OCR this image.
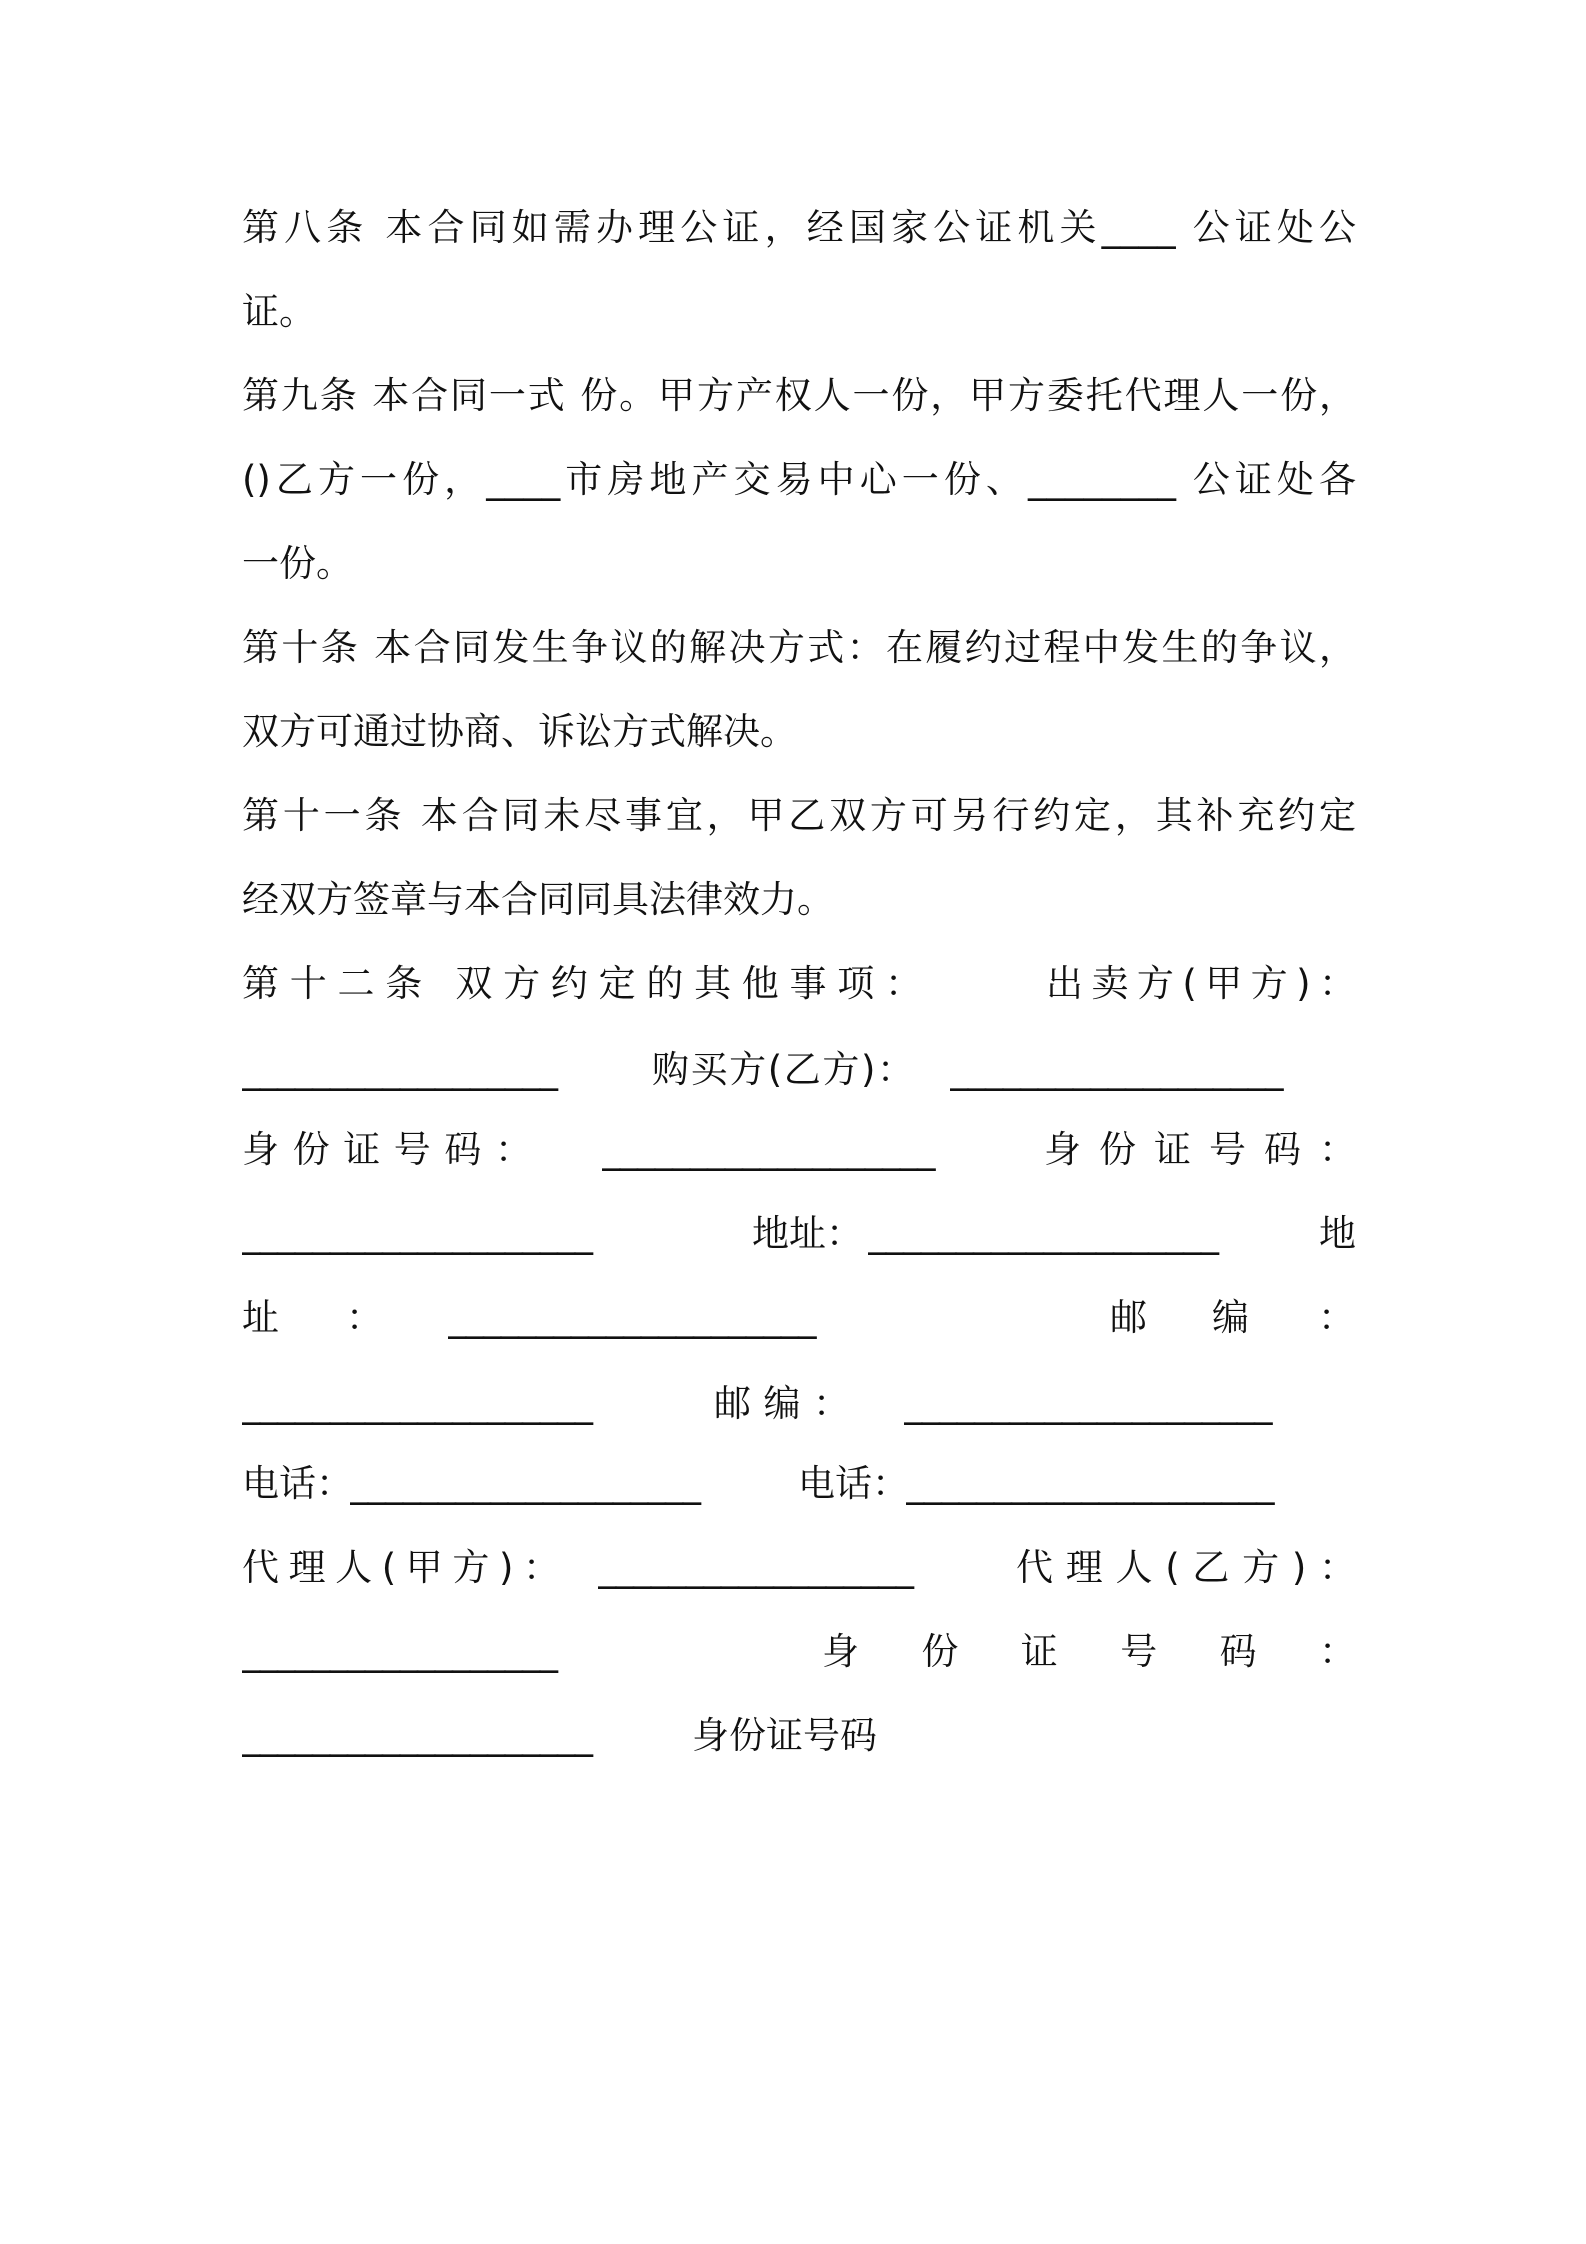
第八条 本合同如需办理公证，经国家公证机关____ 公证处公
证。
第九条 本合同一式 份。甲方产权人一份，甲方委托代理人一份，
()乙方一份，____市房地产交易中心一份、________ 公证处各
一份。
第十条 本合同发生争议的解决方式：在履约过程中发生的争议，
双方可通过协商、诉讼方式解决。
第十一条 本合同未尽事宜，甲乙双方可另行约定，其补充约定
经双方签章与本合同同具法律效力。
第十二条 双方约定的其他事项：	出卖方(甲方)：
__________________	购买方(乙方)： ___________________
身份证号码： ___________________	身份证号码：
____________________	地址： ____________________	地
址 ： _____________________	邮 编 ：
____________________	邮编： _____________________
电话：
____________________	电话：
_____________________
代理人(甲方)： __________________	代理人(乙方)：
__________________	身份证号码：
____________________	身份证号码
